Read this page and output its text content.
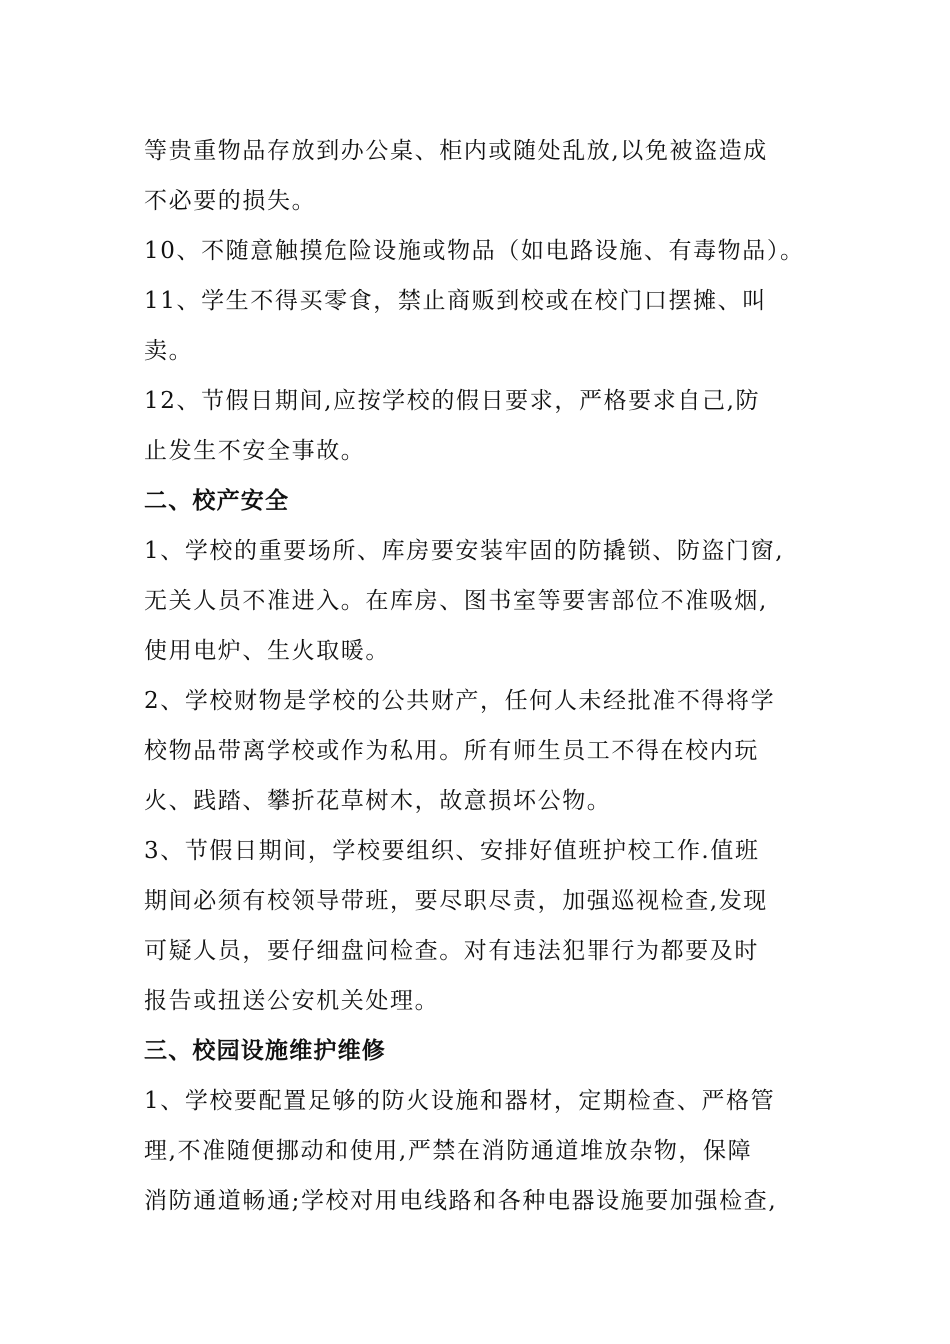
等贵重物品存放到办公桌、柜内或随处乱放,以免被盗造成
不必要的损失。
10、不随意触摸危险设施或物品（如电路设施、有毒物品）。
11、学生不得买零食，禁止商贩到校或在校门口摆摊、叫
卖。
12、节假日期间,应按学校的假日要求，严格要求自己,防
止发生不安全事故。
二、校产安全
1、学校的重要场所、库房要安装牢固的防撬锁、防盗门窗,
无关人员不准进入。在库房、图书室等要害部位不准吸烟,
使用电炉、生火取暖。
2、学校财物是学校的公共财产，任何人未经批准不得将学
校物品带离学校或作为私用。所有师生员工不得在校内玩
火、践踏、攀折花草树木，故意损坏公物。
3、节假日期间，学校要组织、安排好值班护校工作.值班
期间必须有校领导带班，要尽职尽责，加强巡视检查,发现
可疑人员，要仔细盘问检查。对有违法犯罪行为都要及时
报告或扭送公安机关处理。
三、校园设施维护维修
1、学校要配置足够的防火设施和器材，定期检查、严格管
理,不准随便挪动和使用,严禁在消防通道堆放杂物，保障
消防通道畅通;学校对用电线路和各种电器设施要加强检查,
